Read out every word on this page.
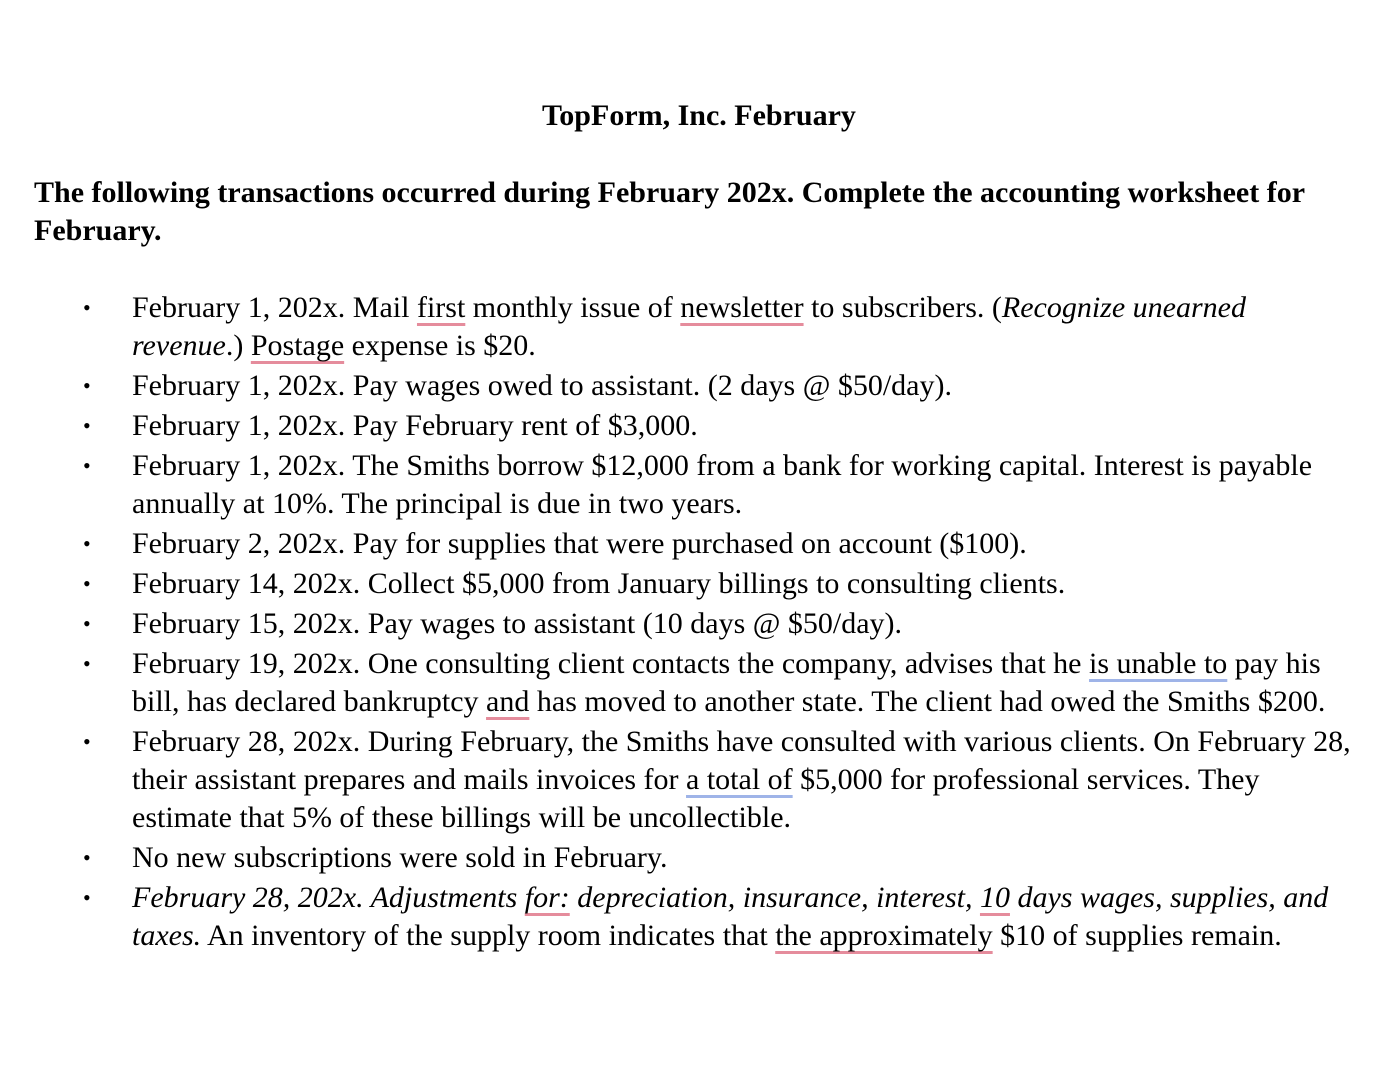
TopForm, Inc. February
The following transactions occurred during February 202x. Complete the accounting worksheet for February.
• February 1, 202x. Mail first monthly issue of newsletter to subscribers. (Recognize unearned revenue.) Postage expense is $20.
• February 1, 202x. Pay wages owed to assistant. (2 days @ $50/day).
• February 1, 202x. Pay February rent of $3,000.
• February 1, 202x. The Smiths borrow $12,000 from a bank for working capital. Interest is payable annually at 10%. The principal is due in two years.
• February 2, 202x. Pay for supplies that were purchased on account ($100).
• February 14, 202x. Collect $5,000 from January billings to consulting clients.
• February 15, 202x. Pay wages to assistant (10 days @ $50/day).
• February 19, 202x. One consulting client contacts the company, advises that he is unable to pay his bill, has declared bankruptcy and has moved to another state. The client had owed the Smiths $200.
• February 28, 202x. During February, the Smiths have consulted with various clients. On February 28, their assistant prepares and mails invoices for a total of $5,000 for professional services. They estimate that 5% of these billings will be uncollectible.
• No new subscriptions were sold in February.
• February 28, 202x. Adjustments for: depreciation, insurance, interest, 10 days wages, supplies, and taxes. An inventory of the supply room indicates that the approximately $10 of supplies remain.
